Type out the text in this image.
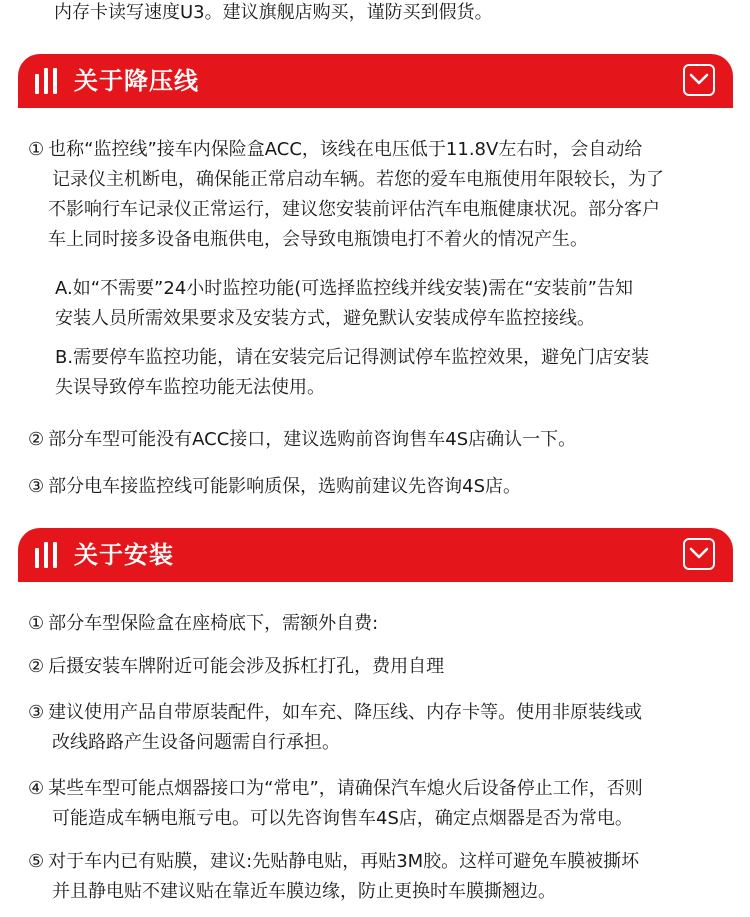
内存卡读写速度U3。建议旗舰店购买，谨防买到假货。
关于降压线
① 也称“监控线”接车内保险盒ACC，该线在电压低于11.8V左右时，会自动给
记录仪主机断电，确保能正常启动车辆。若您的爱车电瓶使用年限较长，为了
不影响行车记录仪正常运行，建议您安装前评估汽车电瓶健康状况。部分客户
车上同时接多设备电瓶供电，会导致电瓶馈电打不着火的情况产生。
A.如“不需要”24小时监控功能(可选择监控线并线安装)需在“安装前”告知
安装人员所需效果要求及安装方式，避免默认安装成停车监控接线。
B.需要停车监控功能，请在安装完后记得测试停车监控效果，避免门店安装
失误导致停车监控功能无法使用。
② 部分车型可能没有ACC接口，建议选购前咨询售车4S店确认一下。
③ 部分电车接监控线可能影响质保，选购前建议先咨询4S店。
关于安装
① 部分车型保险盒在座椅底下，需额外自费:
② 后摄安装车牌附近可能会涉及拆杠打孔，费用自理
③ 建议使用产品自带原装配件，如车充、降压线、内存卡等。使用非原装线或
改线路路产生设备问题需自行承担。
④ 某些车型可能点烟器接口为“常电”，请确保汽车熄火后设备停止工作，否则
可能造成车辆电瓶亏电。可以先咨询售车4S店，确定点烟器是否为常电。
⑤ 对于车内已有贴膜，建议:先贴静电贴，再贴3M胶。这样可避免车膜被撕坏
并且静电贴不建议贴在靠近车膜边缘，防止更换时车膜撕翘边。
